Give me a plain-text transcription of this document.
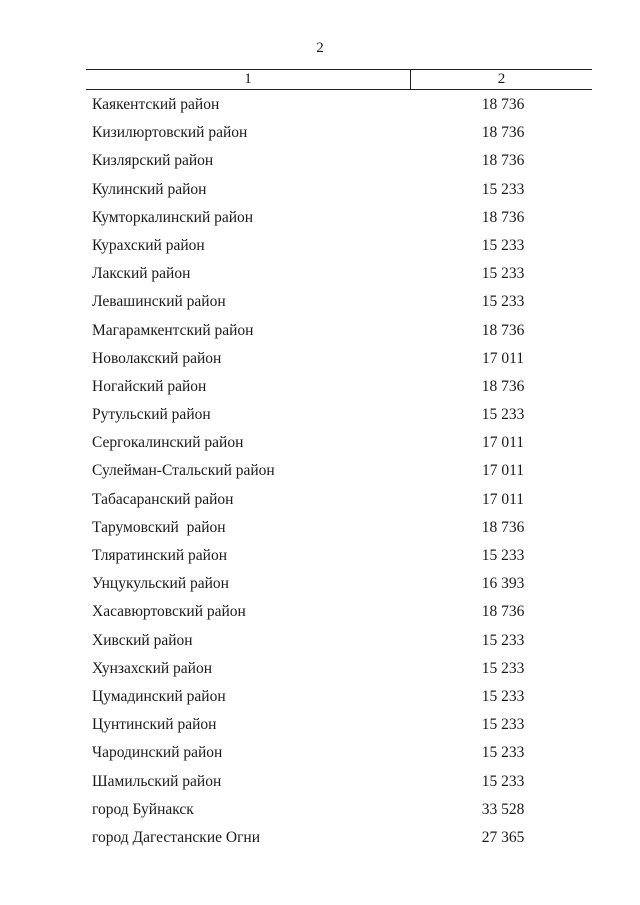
2
1	2
Каякентский район	18 736
Кизилюртовский район	18 736
Кизлярский район	18 736
Кулинский район	15 233
Кумторкалинский район	18 736
Курахский район	15 233
Лакский район	15 233
Левашинский район	15 233
Магарамкентский район	18 736
Новолакский район	17 011
Ногайский район	18 736
Рутульский район	15 233
Сергокалинский район	17 011
Сулейман-Стальский район	17 011
Табасаранский район	17 011
Тарумовский  район	18 736
Тляратинский район	15 233
Унцукульский район	16 393
Хасавюртовский район	18 736
Хивский район	15 233
Хунзахский район	15 233
Цумадинский район	15 233
Цунтинский район	15 233
Чародинский район	15 233
Шамильский район	15 233
город Буйнакск	33 528
город Дагестанские Огни	27 365
